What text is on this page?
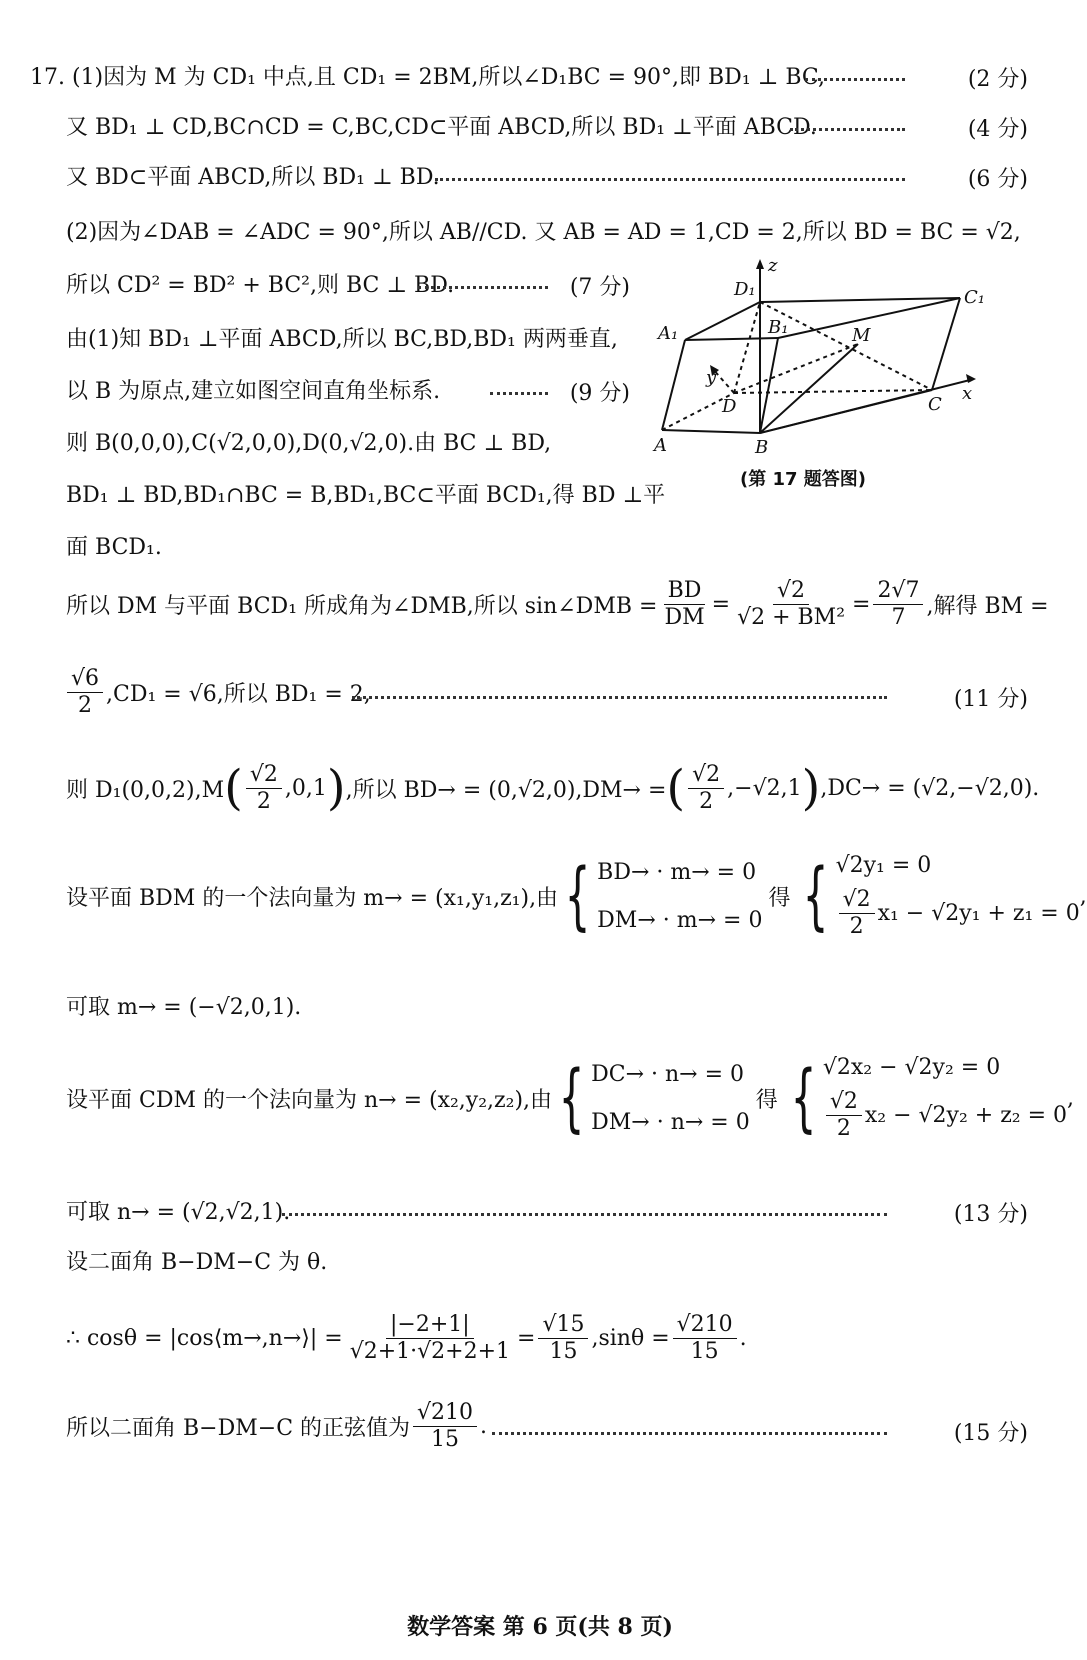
17. (1)因为 M 为 CD₁ 中点,且 CD₁ = 2BM,所以∠D₁BC = 90°,即 BD₁ ⊥ BC,	(2 分)
又 BD₁ ⊥ CD,BC∩CD = C,BC,CD⊂平面 ABCD,所以 BD₁ ⊥平面 ABCD.	(4 分)
又 BD⊂平面 ABCD,所以 BD₁ ⊥ BD.	(6 分)
(2)因为∠DAB = ∠ADC = 90°,所以 AB//CD. 又 AB = AD = 1,CD = 2,所以 BD = BC = √2,
所以 CD² = BD² + BC²,则 BC ⊥ BD.	(7 分)
由(1)知 BD₁ ⊥平面 ABCD,所以 BC,BD,BD₁ 两两垂直,
以 B 为原点,建立如图空间直角坐标系.	(9 分)
则 B(0,0,0),C(√2,0,0),D(0,√2,0).由 BC ⊥ BD,
BD₁ ⊥ BD,BD₁∩BC = B,BD₁,BC⊂平面 BCD₁,得 BD ⊥平
面 BCD₁.
z
x
y
D₁	C₁
A₁	B₁	M
D	C
A	B
(第 17 题答图)
所以 DM 与平面 BCD₁ 所成角为∠DMB,所以 sin∠DMB = $\frac{BD}{DM} = \frac{√2}{\text{√2 + BM²}} = \frac{2√7}{7}$ ,解得 BM =
$\frac{√6}{2} ,CD_1 = √6$,所以 BD₁ = 2,	(11 分)
则 D₁(0,0,2),M ( $\frac{√2}{2} ,0,1$ ) ,所以 BD→ = (0,√2,0),DM→ = ( $\frac{√2}{2} ,-√2,1$ ) ,DC→ = (√2,−√2,0).
设平面 BDM 的一个法向量为 m→ = (x₁,y₁,z₁),由 { BD→ · m→ = 0
DM→ · m→ = 0
得 { √2y₁ = 0
$\frac{√2}{2} x_1 - √2y_1 + z_1 = 0$
,
可取 m→ = (−√2,0,1).
设平面 CDM 的一个法向量为 n→ = (x₂,y₂,z₂),由 { DC→ · n→ = 0
DM→ · n→ = 0
得 { √2x₂ − √2y₂ = 0
$\frac{√2}{2} x_2 - √2y_2 + z_2 = 0$
,
可取 n→ = (√2,√2,1).	(13 分)
设二面角 B−DM−C 为 θ.
∴ cosθ = |cos⟨m→,n→⟩| = $\frac{|-2+1|}{√2+1\cdot√2+2+1} = \frac{√15}{15} ,\sin\theta = \frac{√210}{15}$ .
所以二面角 B−DM−C 的正弦值为 $\frac{√210}{15}$ .	(15 分)
数学答案 第 6 页(共 8 页)
